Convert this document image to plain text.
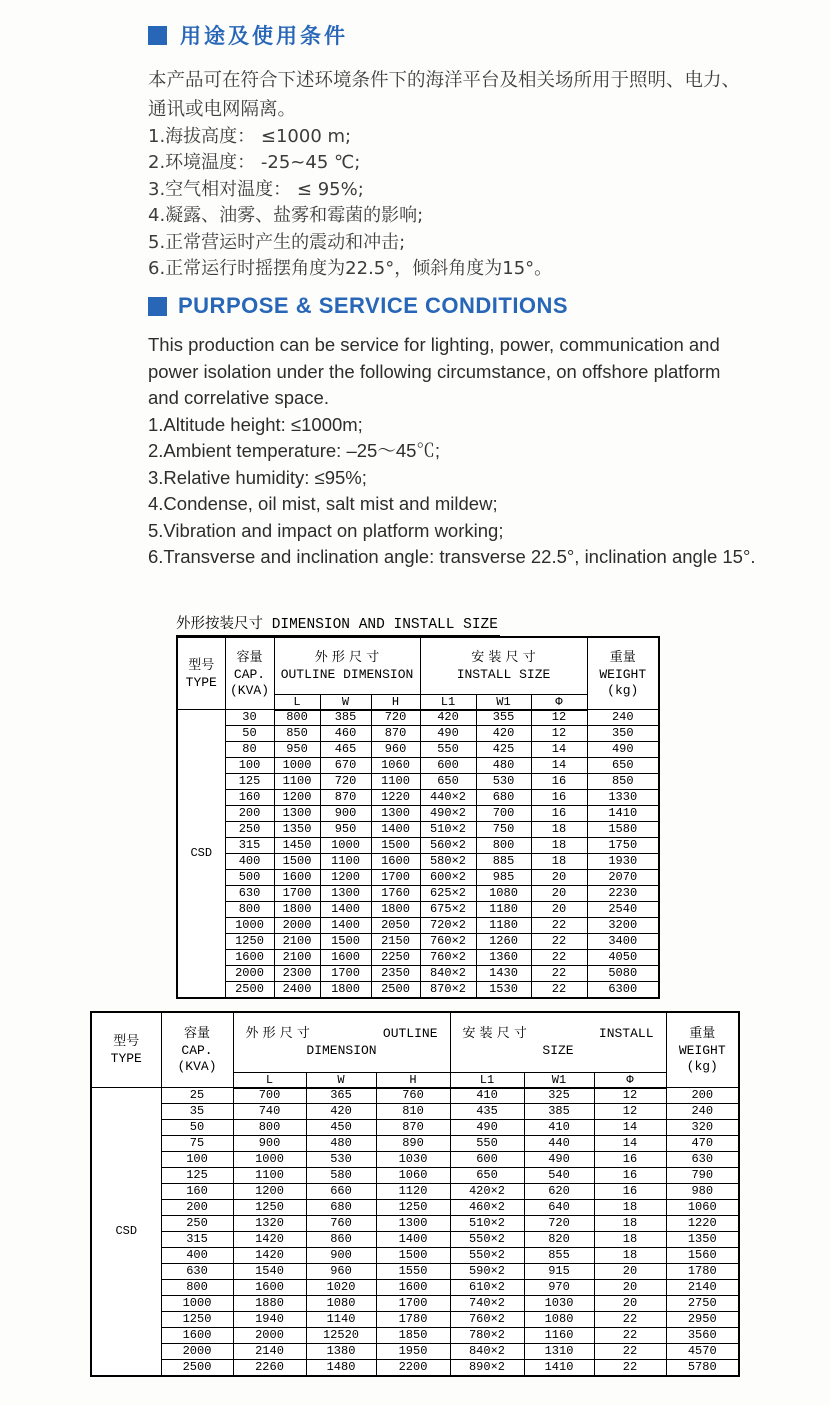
用途及使用条件
本产品可在符合下述环境条件下的海洋平台及相关场所用于照明、电力、
通讯或电网隔离。
1.海拔高度： ≤1000 m;
2.环境温度： -25~45 ℃;
3.空气相对温度： ≤ 95%;
4.凝露、油雾、盐雾和霉菌的影响;
5.正常营运时产生的震动和冲击;
6.正常运行时摇摆角度为22.5°，倾斜角度为15°。
PURPOSE & SERVICE CONDITIONS
This production can be service for lighting, power, communication and
power isolation under the following circumstance, on offshore platform
and correlative space.
1.Altitude height: ≤1000m;
2.Ambient temperature: –25～45℃;
3.Relative humidity: ≤95%;
4.Condense, oil mist, salt mist and mildew;
5.Vibration and impact on platform working;
6.Transverse and inclination angle: transverse 22.5°, inclination angle 15°.
外形按装尺寸 DIMENSION AND INSTALL SIZE
型号
TYPE

容量
CAP.
(KVA)

外 形 尺 寸
OUTLINE DIMENSION

安 装 尺 寸
INSTALL SIZE

重量
WEIGHT
(kg)

		L	W	H	L1	W1	Φ	
CSD	30	800	385	720	420	355	12	240
	50	850	460	870	490	420	12	350
	80	950	465	960	550	425	14	490
	100	1000	670	1060	600	480	14	650
	125	1100	720	1100	650	530	16	850
	160	1200	870	1220	440×2	680	16	1330
	200	1300	900	1300	490×2	700	16	1410
	250	1350	950	1400	510×2	750	18	1580
	315	1450	1000	1500	560×2	800	18	1750
	400	1500	1100	1600	580×2	885	18	1930
	500	1600	1200	1700	600×2	985	20	2070
	630	1700	1300	1760	625×2	1080	20	2230
	800	1800	1400	1800	675×2	1180	20	2540
	1000	2000	1400	2050	720×2	1180	22	3200
	1250	2100	1500	2150	760×2	1260	22	3400
	1600	2100	1600	2250	760×2	1360	22	4050
	2000	2300	1700	2350	840×2	1430	22	5080
	2500	2400	1800	2500	870×2	1530	22	6300
型号
TYPE

容量
CAP.
(KVA)

外 形 尺 寸	OUTLINE
DIMENSION

安 装 尺 寸	INSTALL
SIZE

重量
WEIGHT
(kg)

		L	W	H	L1	W1	Φ	
CSD	25	700	365	760	410	325	12	200
	35	740	420	810	435	385	12	240
	50	800	450	870	490	410	14	320
	75	900	480	890	550	440	14	470
	100	1000	530	1030	600	490	16	630
	125	1100	580	1060	650	540	16	790
	160	1200	660	1120	420×2	620	16	980
	200	1250	680	1250	460×2	640	18	1060
	250	1320	760	1300	510×2	720	18	1220
	315	1420	860	1400	550×2	820	18	1350
	400	1420	900	1500	550×2	855	18	1560
	630	1540	960	1550	590×2	915	20	1780
	800	1600	1020	1600	610×2	970	20	2140
	1000	1880	1080	1700	740×2	1030	20	2750
	1250	1940	1140	1780	760×2	1080	22	2950
	1600	2000	12520	1850	780×2	1160	22	3560
	2000	2140	1380	1950	840×2	1310	22	4570
	2500	2260	1480	2200	890×2	1410	22	5780
